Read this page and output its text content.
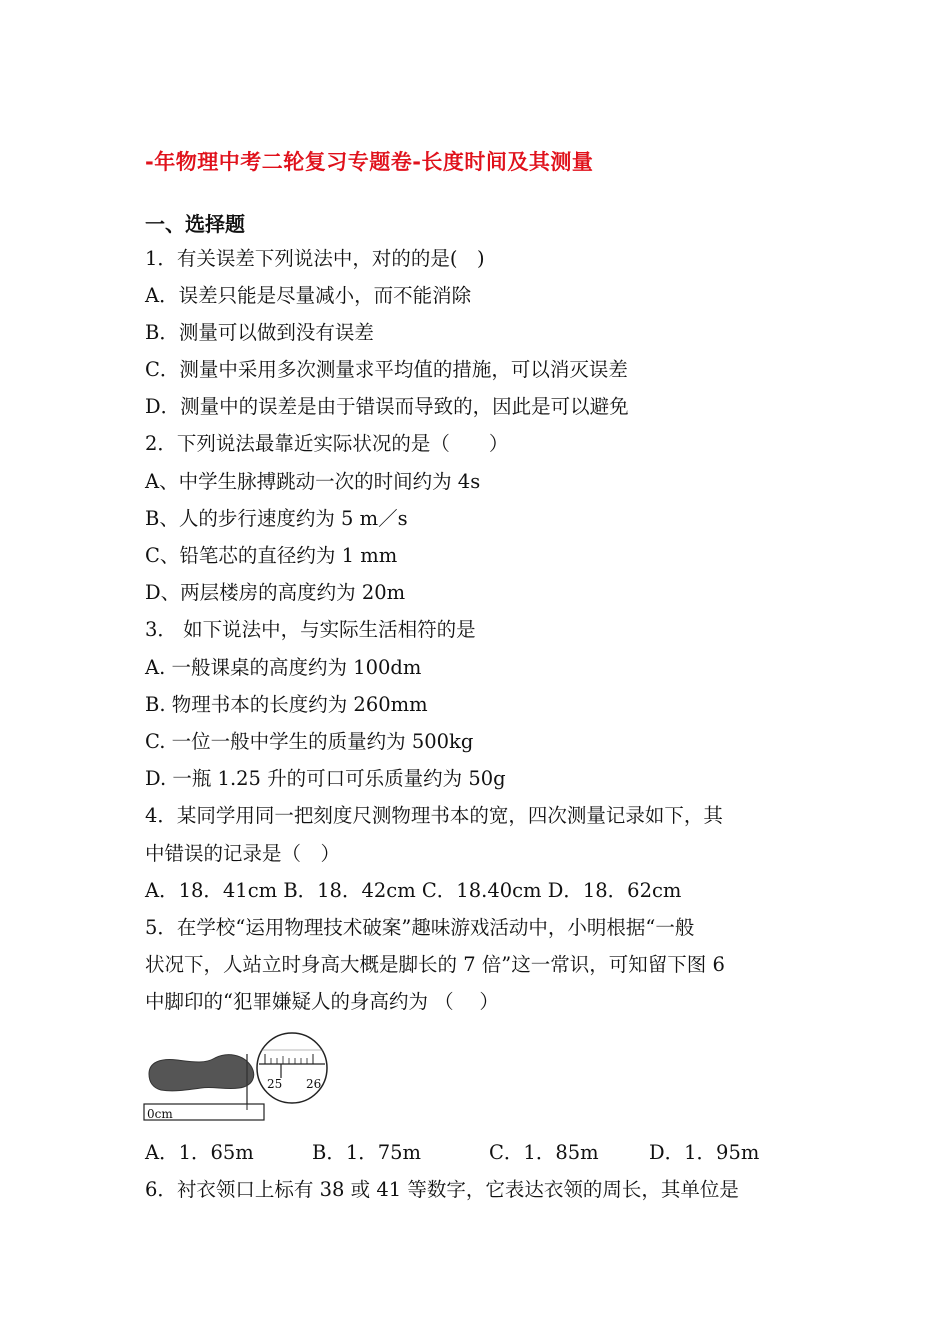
-年物理中考二轮复习专题卷-长度时间及其测量
一、选择题
1．有关误差下列说法中，对的的是(　)
A．误差只能是尽量减小，而不能消除
B．测量可以做到没有误差
C．测量中采用多次测量求平均值的措施，可以消灭误差
D．测量中的误差是由于错误而导致的，因此是可以避免
2．下列说法最靠近实际状况的是（　　）
A、中学生脉搏跳动一次的时间约为 4s
B、人的步行速度约为 5 m／s
C、铅笔芯的直径约为 1 mm
D、两层楼房的高度约为 20m
3． 如下说法中，与实际生活相符的是
A. 一般课桌的高度约为 100dm
B. 物理书本的长度约为 260mm
C. 一位一般中学生的质量约为 500kg
D. 一瓶 1.25 升的可口可乐质量约为 50g
4．某同学用同一把刻度尺测物理书本的宽，四次测量记录如下，其
中错误的记录是（　）
A．18．41cm B．18．42cm C．18.40cm D．18．62cm
5．在学校“运用物理技术破案”趣味游戏活动中，小明根据“一般
状况下，人站立时身高大概是脚长的 7 倍”这一常识，可知留下图 6
中脚印的“犯罪嫌疑人的身高约为 （　 ）
0cm
25 26
A．1．65m	B．1．75m	C．1．85m	D．1．95m
6．衬衣领口上标有 38 或 41 等数字，它表达衣领的周长，其单位是
